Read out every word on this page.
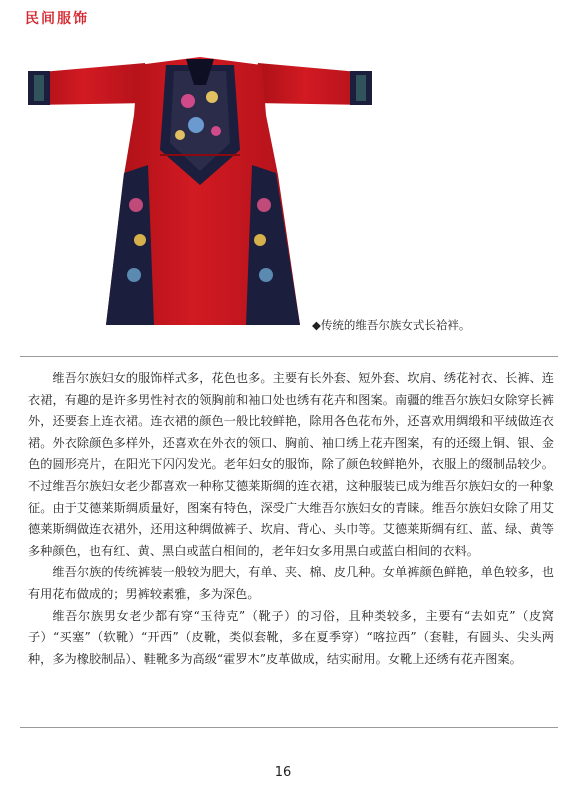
民间服饰
◆传统的维吾尔族女式长袷袢。

维吾尔族妇女的服饰样式多，花色也多。主要有长外套、短外套、坎肩、绣花衬衣、长裤、连衣裙，有趣的是许多男性衬衣的领胸前和袖口处也绣有花卉和图案。南疆的维吾尔族妇女除穿长裤外，还要套上连衣裙。连衣裙的颜色一般比较鲜艳，除用各色花布外，还喜欢用绸缎和平绒做连衣裙。外衣除颜色多样外，还喜欢在外衣的领口、胸前、袖口绣上花卉图案，有的还缀上铜、银、金色的圆形亮片，在阳光下闪闪发光。老年妇女的服饰，除了颜色较鲜艳外，衣服上的缀制品较少。不过维吾尔族妇女老少都喜欢一种称艾德莱斯绸的连衣裙，这种服装已成为维吾尔族妇女的一种象征。由于艾德莱斯绸质量好，图案有特色，深受广大维吾尔族妇女的青睐。维吾尔族妇女除了用艾德莱斯绸做连衣裙外，还用这种绸做裤子、坎肩、背心、头巾等。艾德莱斯绸有红、蓝、绿、黄等多种颜色，也有红、黄、黑白或蓝白相间的，老年妇女多用黑白或蓝白相间的衣料。

维吾尔族的传统裤装一般较为肥大，有单、夹、棉、皮几种。女单裤颜色鲜艳，单色较多，也有用花布做成的；男裤较素雅，多为深色。

维吾尔族男女老少都有穿“玉待克”（靴子）的习俗，且种类较多，主要有“去如克”（皮窝子）“买塞”（软靴）“开西”（皮靴，类似套靴，多在夏季穿）“喀拉西”（套鞋，有圆头、尖头两种，多为橡胶制品）、鞋靴多为高级“霍罗木”皮革做成，结实耐用。女靴上还绣有花卉图案。

16
